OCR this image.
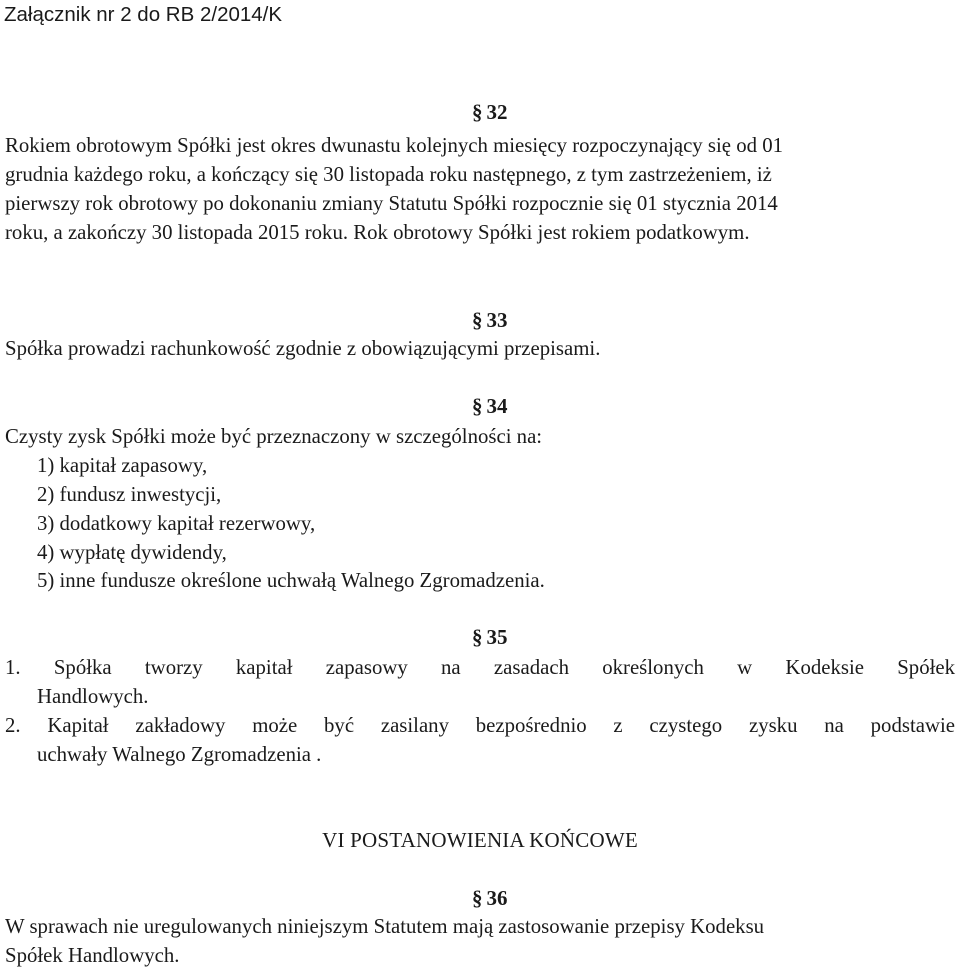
Załącznik nr 2 do RB 2/2014/K
§ 32
Rokiem obrotowym Spółki jest okres dwunastu kolejnych miesięcy rozpoczynający się od 01
grudnia każdego roku, a kończący się 30 listopada roku następnego, z tym zastrzeżeniem, iż
pierwszy rok obrotowy po dokonaniu zmiany Statutu Spółki rozpocznie się 01 stycznia 2014
roku, a zakończy 30 listopada 2015 roku. Rok obrotowy Spółki jest rokiem podatkowym.
§ 33
Spółka prowadzi rachunkowość zgodnie z obowiązującymi przepisami.
§ 34
Czysty zysk Spółki może być przeznaczony w szczególności na:
1) kapitał zapasowy,
2) fundusz inwestycji,
3) dodatkowy kapitał rezerwowy,
4) wypłatę dywidendy,
5) inne fundusze określone uchwałą Walnego Zgromadzenia.
§ 35
1. Spółka tworzy kapitał zapasowy na zasadach określonych w Kodeksie Spółek
Handlowych.
2. Kapitał zakładowy może być zasilany bezpośrednio z czystego zysku na podstawie
uchwały Walnego Zgromadzenia .
VI POSTANOWIENIA KOŃCOWE
§ 36
W sprawach nie uregulowanych niniejszym Statutem mają zastosowanie przepisy Kodeksu
Spółek Handlowych.
